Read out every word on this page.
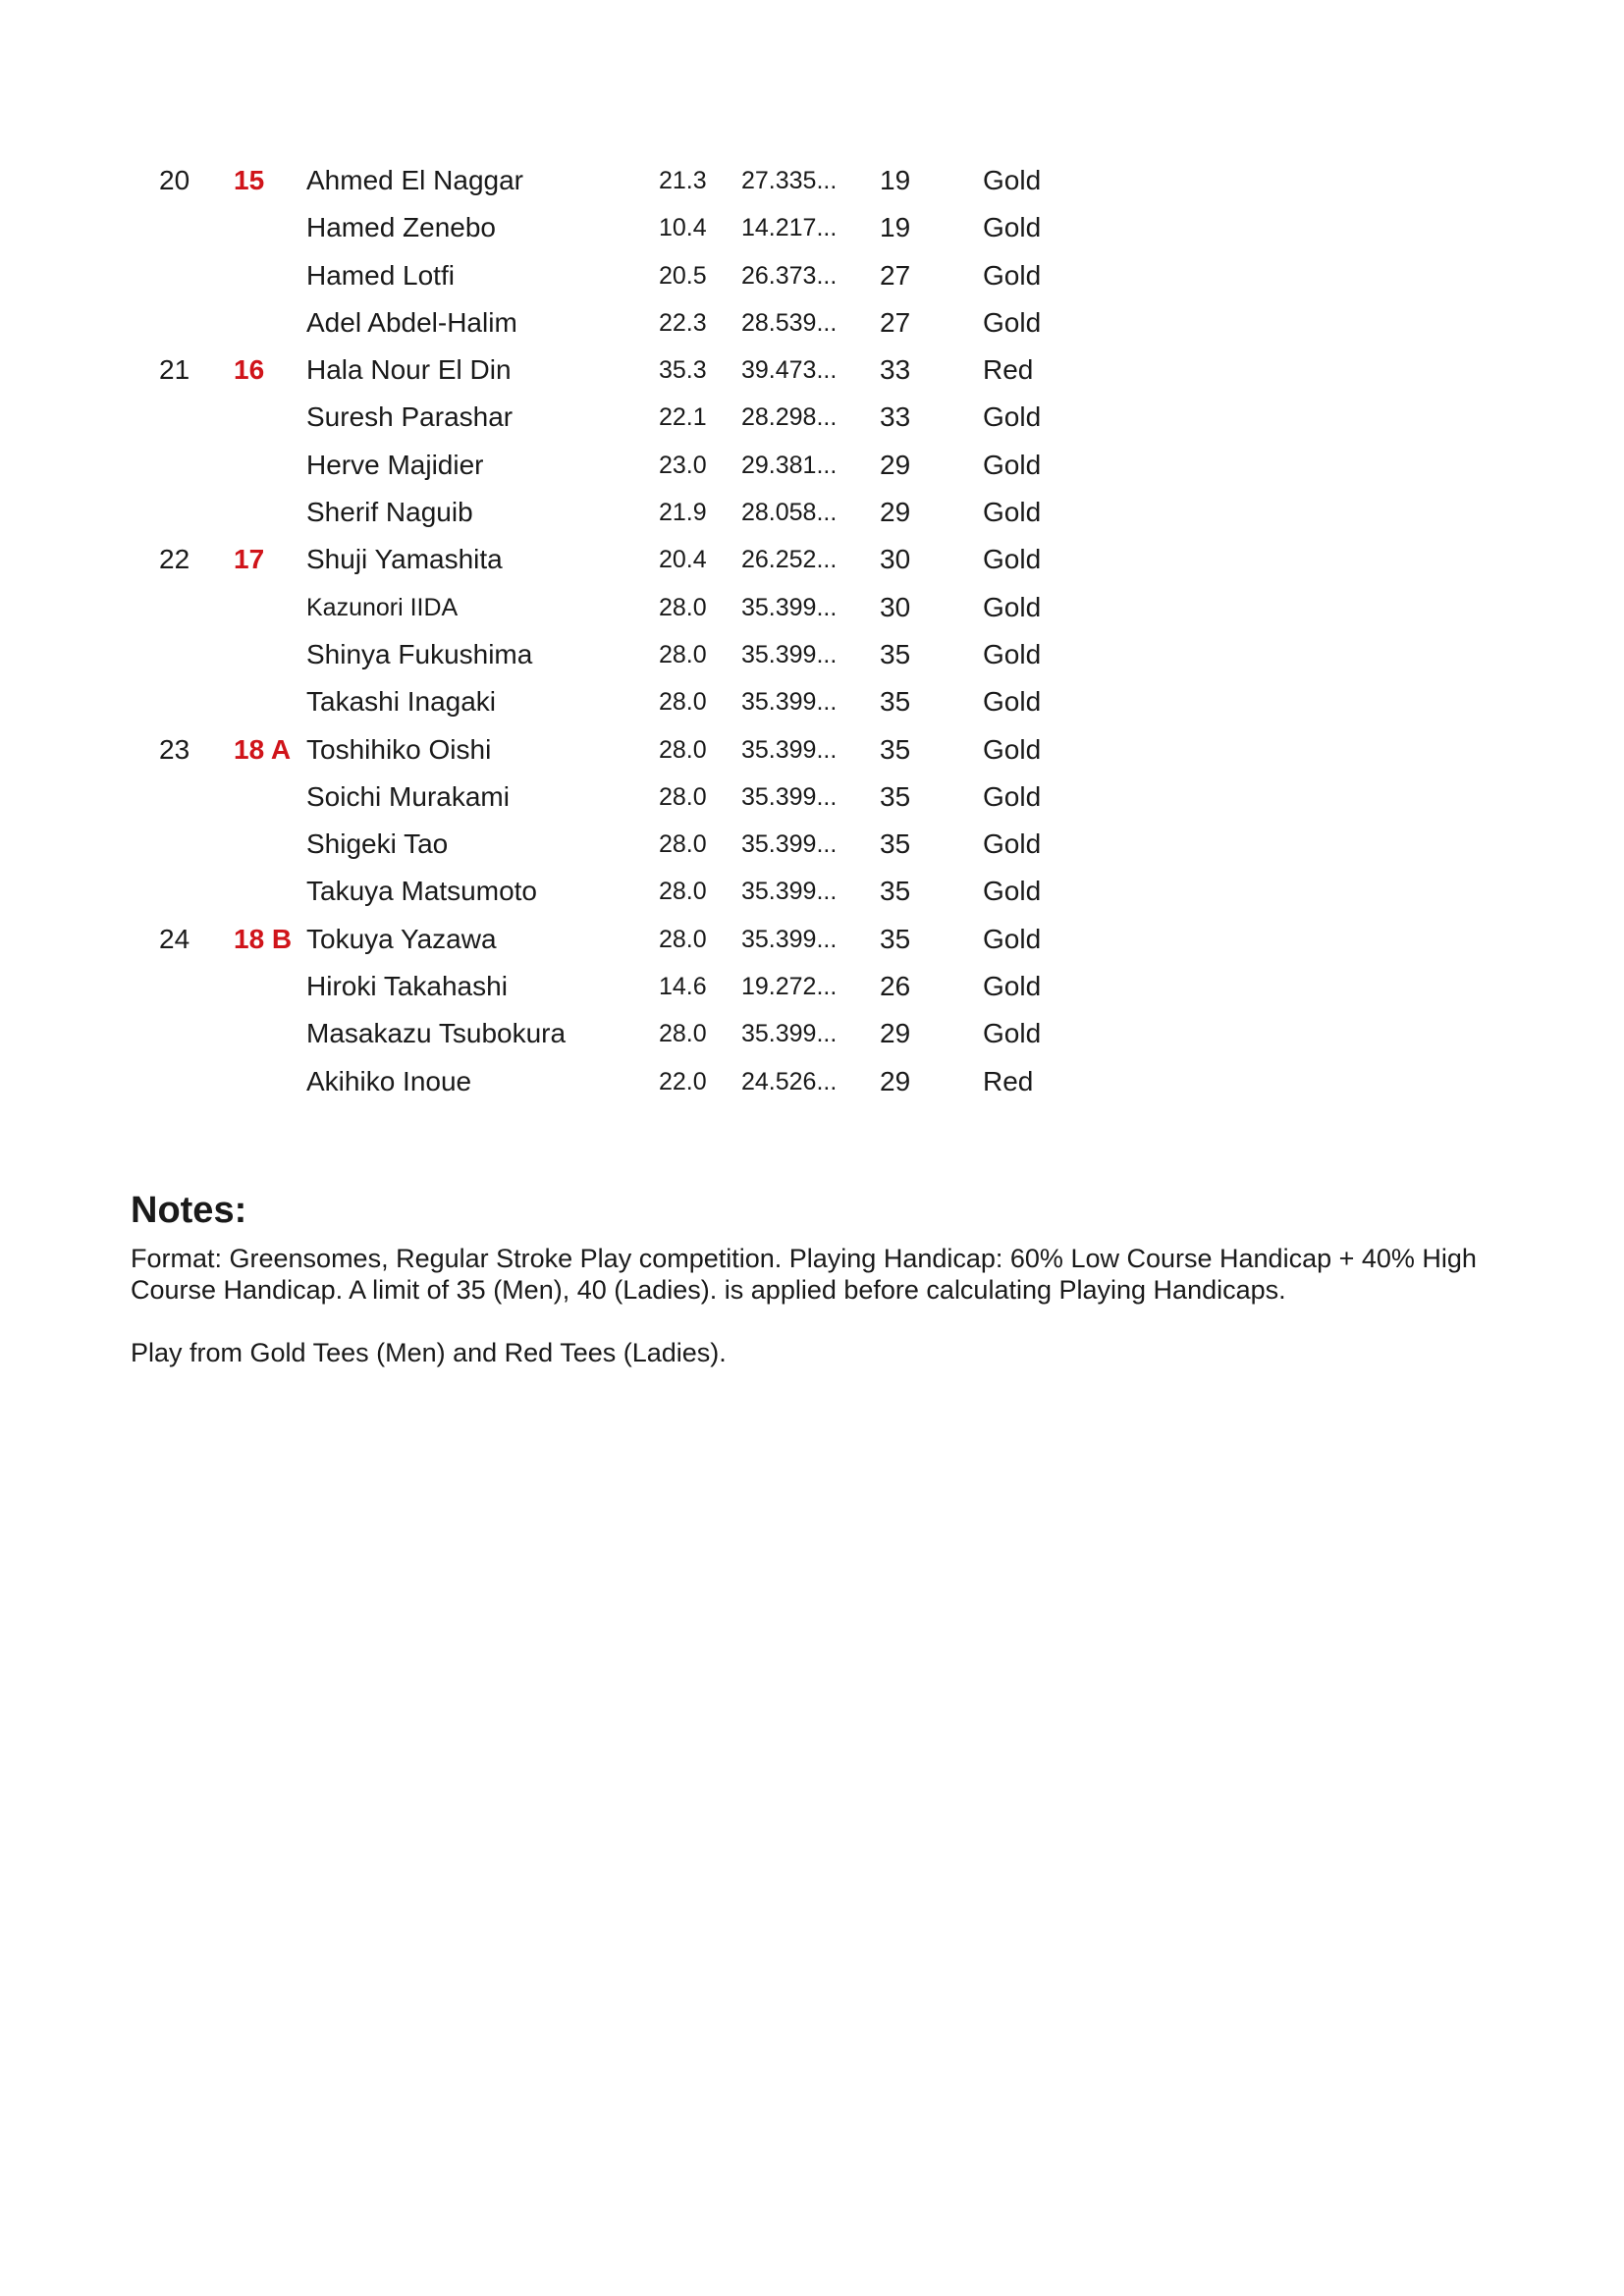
20 15 Ahmed El Naggar	21.3 27.335... 19	Gold
Hamed Zenebo	10.4 14.217... 19	Gold
Hamed Lotfi	20.5 26.373... 27	Gold
Adel Abdel-Halim	22.3 28.539... 27	Gold
21 16 Hala Nour El Din	35.3 39.473... 33	Red
Suresh Parashar	22.1 28.298... 33	Gold
Herve Majidier	23.0 29.381... 29	Gold
Sherif Naguib	21.9 28.058... 29	Gold
22 17 Shuji Yamashita	20.4 26.252... 30	Gold
Kazunori IIDA	28.0 35.399... 30	Gold
Shinya Fukushima	28.0 35.399... 35	Gold
Takashi Inagaki	28.0 35.399... 35	Gold
23 18 A Toshihiko Oishi	28.0 35.399... 35	Gold
Soichi Murakami	28.0 35.399... 35	Gold
Shigeki Tao	28.0 35.399... 35	Gold
Takuya Matsumoto	28.0 35.399... 35	Gold
24 18 B Tokuya Yazawa	28.0 35.399... 35	Gold
Hiroki Takahashi	14.6 19.272... 26	Gold
Masakazu Tsubokura	28.0 35.399... 29	Gold
Akihiko Inoue	22.0 24.526... 29	Red
Notes:
Format: Greensomes, Regular Stroke Play competition. Playing Handicap: 60% Low Course Handicap + 40% High Course Handicap. A limit of 35 (Men), 40 (Ladies). is applied before calculating Playing Handicaps.
Play from Gold Tees (Men) and Red Tees (Ladies).
